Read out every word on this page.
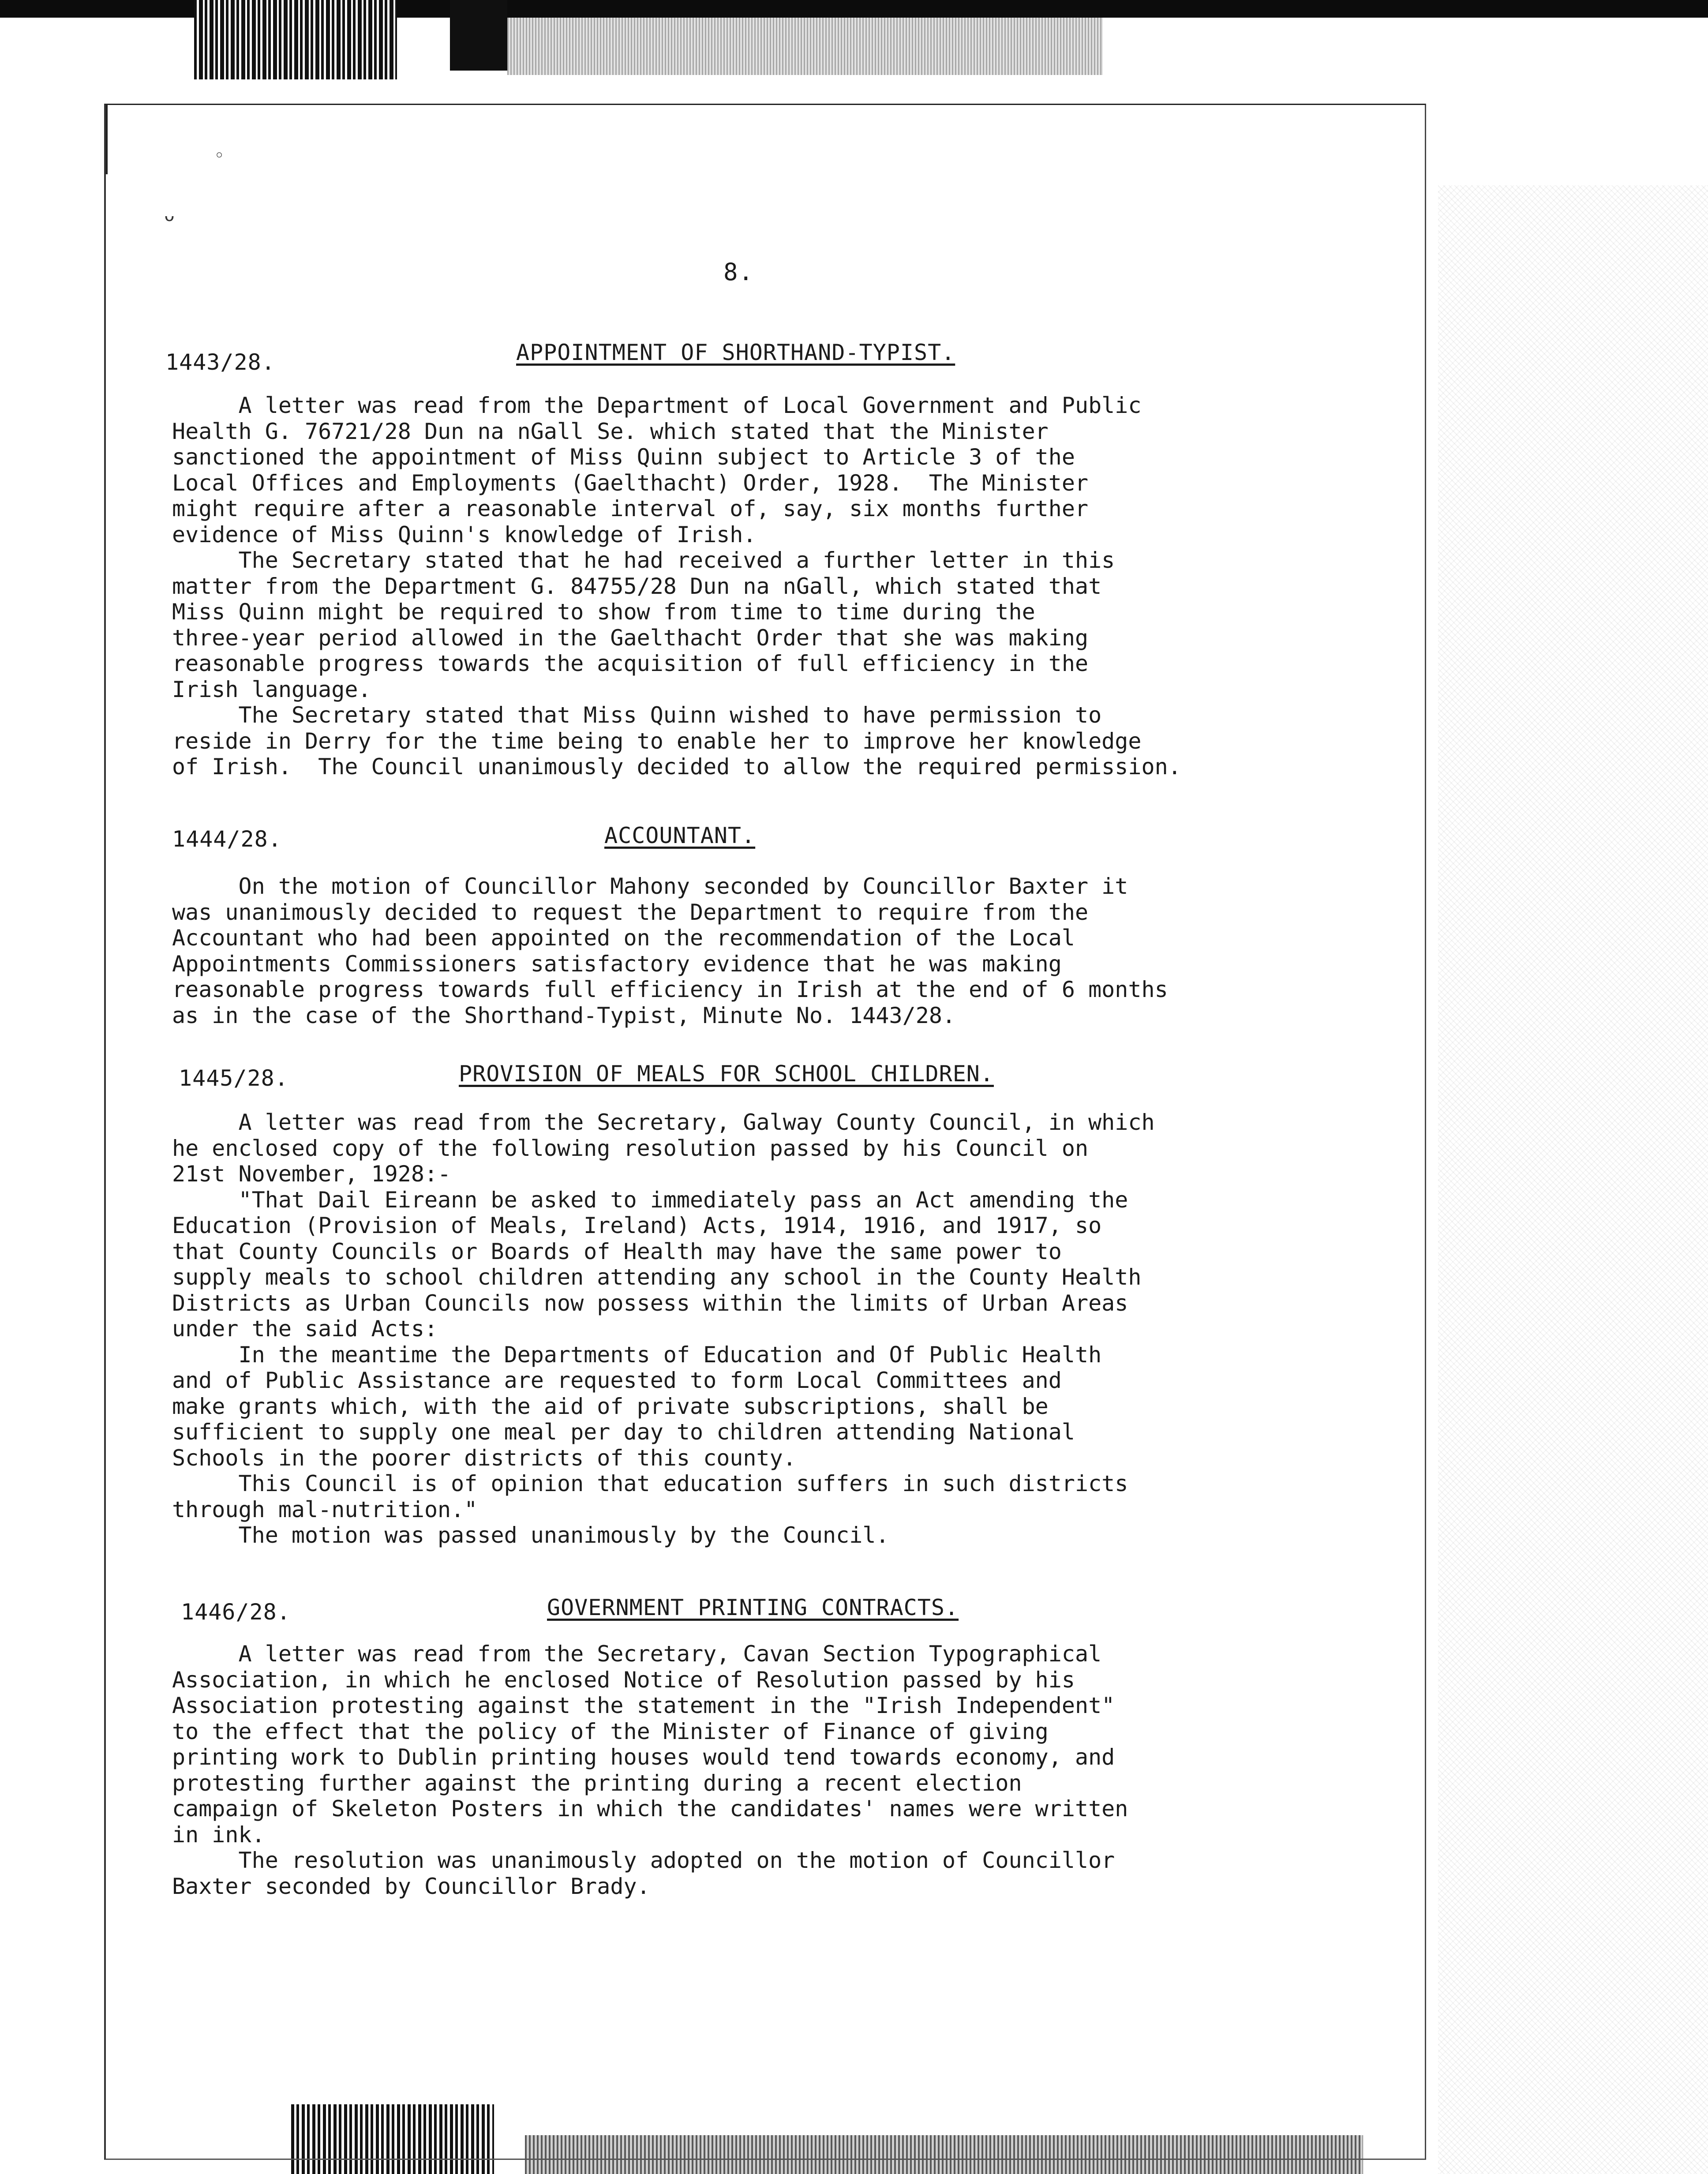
◦
ᴗ
8.
1443/28.	APPOINTMENT OF SHORTHAND-TYPIST.
A letter was read from the Department of Local Government and Public
Health G. 76721/28 Dun na nGall Se. which stated that the Minister
sanctioned the appointment of Miss Quinn subject to Article 3 of the
Local Offices and Employments (Gaelthacht) Order, 1928.  The Minister
might require after a reasonable interval of, say, six months further
evidence of Miss Quinn's knowledge of Irish.
The Secretary stated that he had received a further letter in this
matter from the Department G. 84755/28 Dun na nGall, which stated that
Miss Quinn might be required to show from time to time during the
three-year period allowed in the Gaelthacht Order that she was making
reasonable progress towards the acquisition of full efficiency in the
Irish language.
The Secretary stated that Miss Quinn wished to have permission to
reside in Derry for the time being to enable her to improve her knowledge
of Irish.  The Council unanimously decided to allow the required permission.
1444/28.	ACCOUNTANT.
On the motion of Councillor Mahony seconded by Councillor Baxter it
was unanimously decided to request the Department to require from the
Accountant who had been appointed on the recommendation of the Local
Appointments Commissioners satisfactory evidence that he was making
reasonable progress towards full efficiency in Irish at the end of 6 months
as in the case of the Shorthand-Typist, Minute No. 1443/28.
1445/28.	PROVISION OF MEALS FOR SCHOOL CHILDREN.
A letter was read from the Secretary, Galway County Council, in which
he enclosed copy of the following resolution passed by his Council on
21st November, 1928:-
"That Dail Eireann be asked to immediately pass an Act amending the
Education (Provision of Meals, Ireland) Acts, 1914, 1916, and 1917, so
that County Councils or Boards of Health may have the same power to
supply meals to school children attending any school in the County Health
Districts as Urban Councils now possess within the limits of Urban Areas
under the said Acts:
In the meantime the Departments of Education and Of Public Health
and of Public Assistance are requested to form Local Committees and
make grants which, with the aid of private subscriptions, shall be
sufficient to supply one meal per day to children attending National
Schools in the poorer districts of this county.
This Council is of opinion that education suffers in such districts
through mal-nutrition."
The motion was passed unanimously by the Council.
1446/28.	GOVERNMENT PRINTING CONTRACTS.
A letter was read from the Secretary, Cavan Section Typographical
Association, in which he enclosed Notice of Resolution passed by his
Association protesting against the statement in the "Irish Independent"
to the effect that the policy of the Minister of Finance of giving
printing work to Dublin printing houses would tend towards economy, and
protesting further against the printing during a recent election
campaign of Skeleton Posters in which the candidates' names were written
in ink.
The resolution was unanimously adopted on the motion of Councillor
Baxter seconded by Councillor Brady.
